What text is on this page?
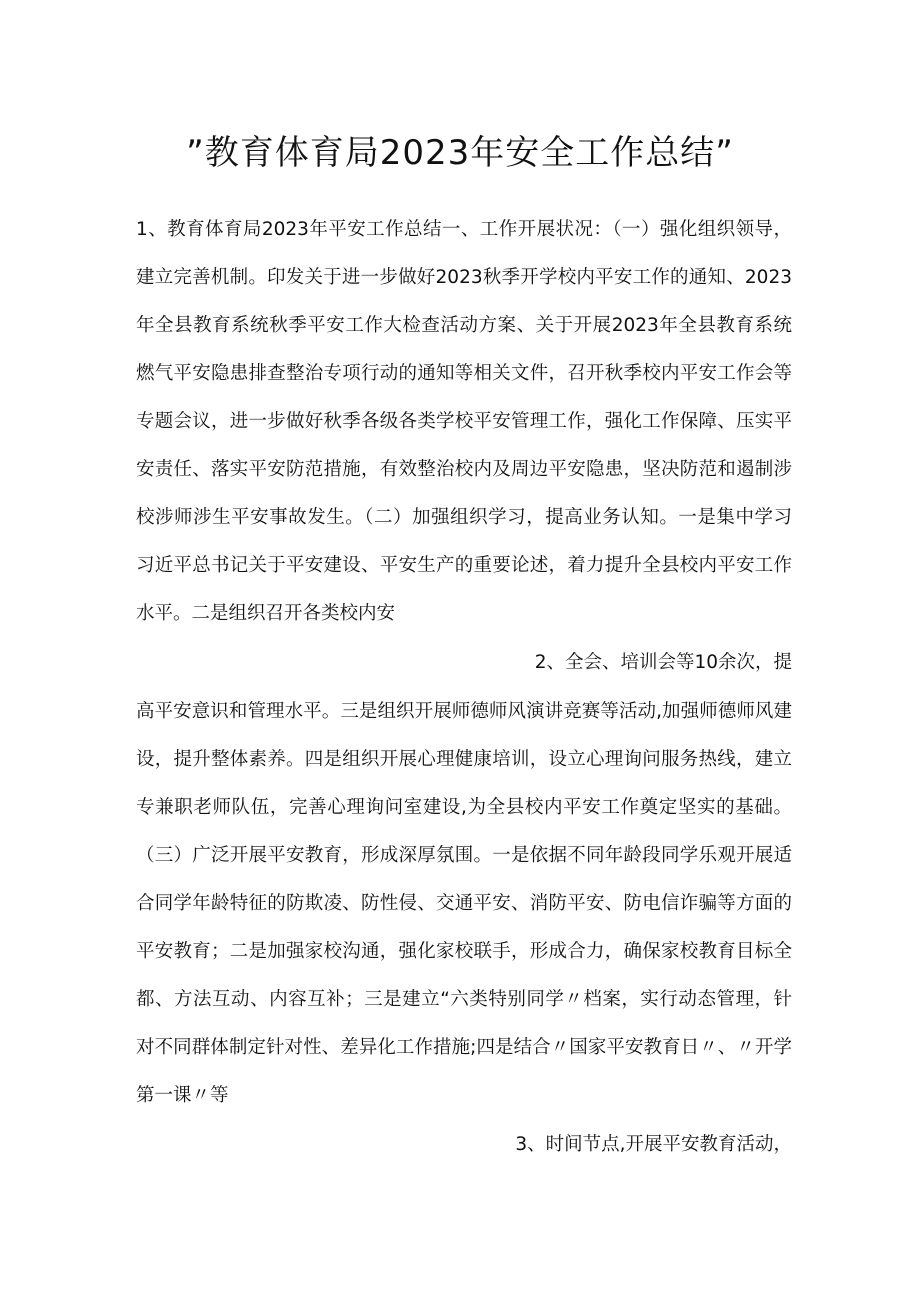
”教育体育局2023年安全工作总结”
1、教育体育局2023年平安工作总结一、工作开展状况：（一）强化组织领导，
建立完善机制。印发关于进一步做好2023秋季开学校内平安工作的通知、2023
年全县教育系统秋季平安工作大检查活动方案、关于开展2023年全县教育系统
燃气平安隐患排查整治专项行动的通知等相关文件，召开秋季校内平安工作会等
专题会议，进一步做好秋季各级各类学校平安管理工作，强化工作保障、压实平
安责任、落实平安防范措施，有效整治校内及周边平安隐患，坚决防范和遏制涉
校涉师涉生平安事故发生。（二）加强组织学习，提高业务认知。一是集中学习
习近平总书记关于平安建设、平安生产的重要论述，着力提升全县校内平安工作
水平。二是组织召开各类校内安
2、全会、培训会等10余次，提
高平安意识和管理水平。三是组织开展师德师风演讲竞赛等活动,加强师德师风建
设，提升整体素养。四是组织开展心理健康培训，设立心理询问服务热线，建立
专兼职老师队伍，完善心理询问室建设,为全县校内平安工作奠定坚实的基础。
（三）广泛开展平安教育，形成深厚氛围。一是依据不同年龄段同学乐观开展适
合同学年龄特征的防欺凌、防性侵、交通平安、消防平安、防电信诈骗等方面的
平安教育；二是加强家校沟通，强化家校联手，形成合力，确保家校教育目标全
都、方法互动、内容互补；三是建立“六类特别同学〃档案，实行动态管理，针
对不同群体制定针对性、差异化工作措施;四是结合〃国家平安教育日〃、〃开学
第一课〃等
3、时间节点,开展平安教育活动，
